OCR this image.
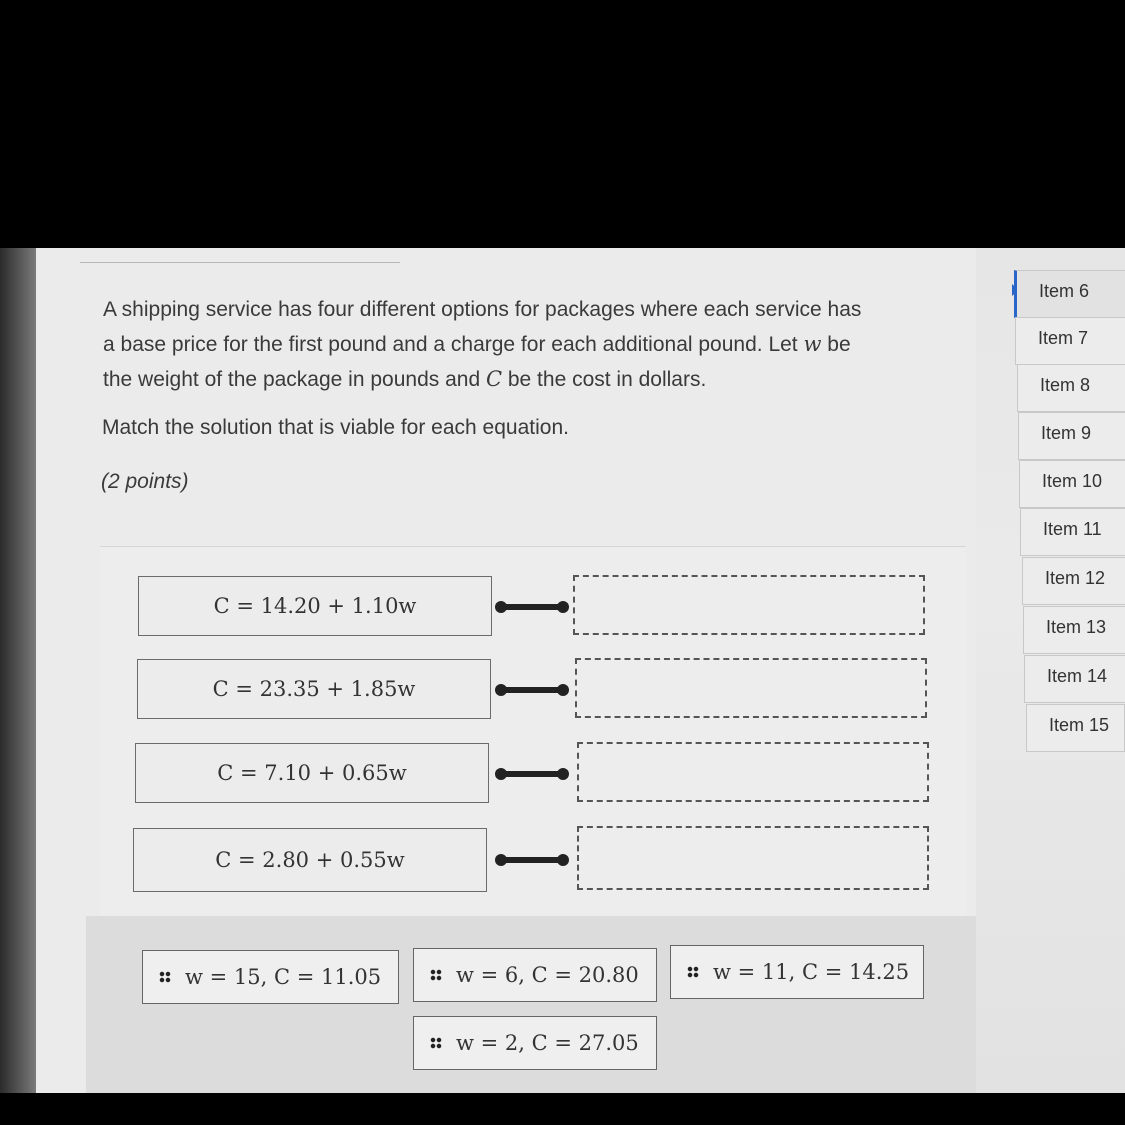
A shipping service has four different options for packages where each service has
a base price for the first pound and a charge for each additional pound. Let w be
the weight of the package in pounds and C be the cost in dollars.
Match the solution that is viable for each equation.
(2 points)
C = 14.20 + 1.10w
C = 23.35 + 1.85w
C = 7.10 + 0.65w
C = 2.80 + 0.55w
w = 15, C = 11.05	w = 6, C = 20.80	w = 11, C = 14.25
w = 2, C = 27.05
Item 6
Item 7
Item 8
Item 9
Item 10
Item 11
Item 12
Item 13
Item 14
Item 15
